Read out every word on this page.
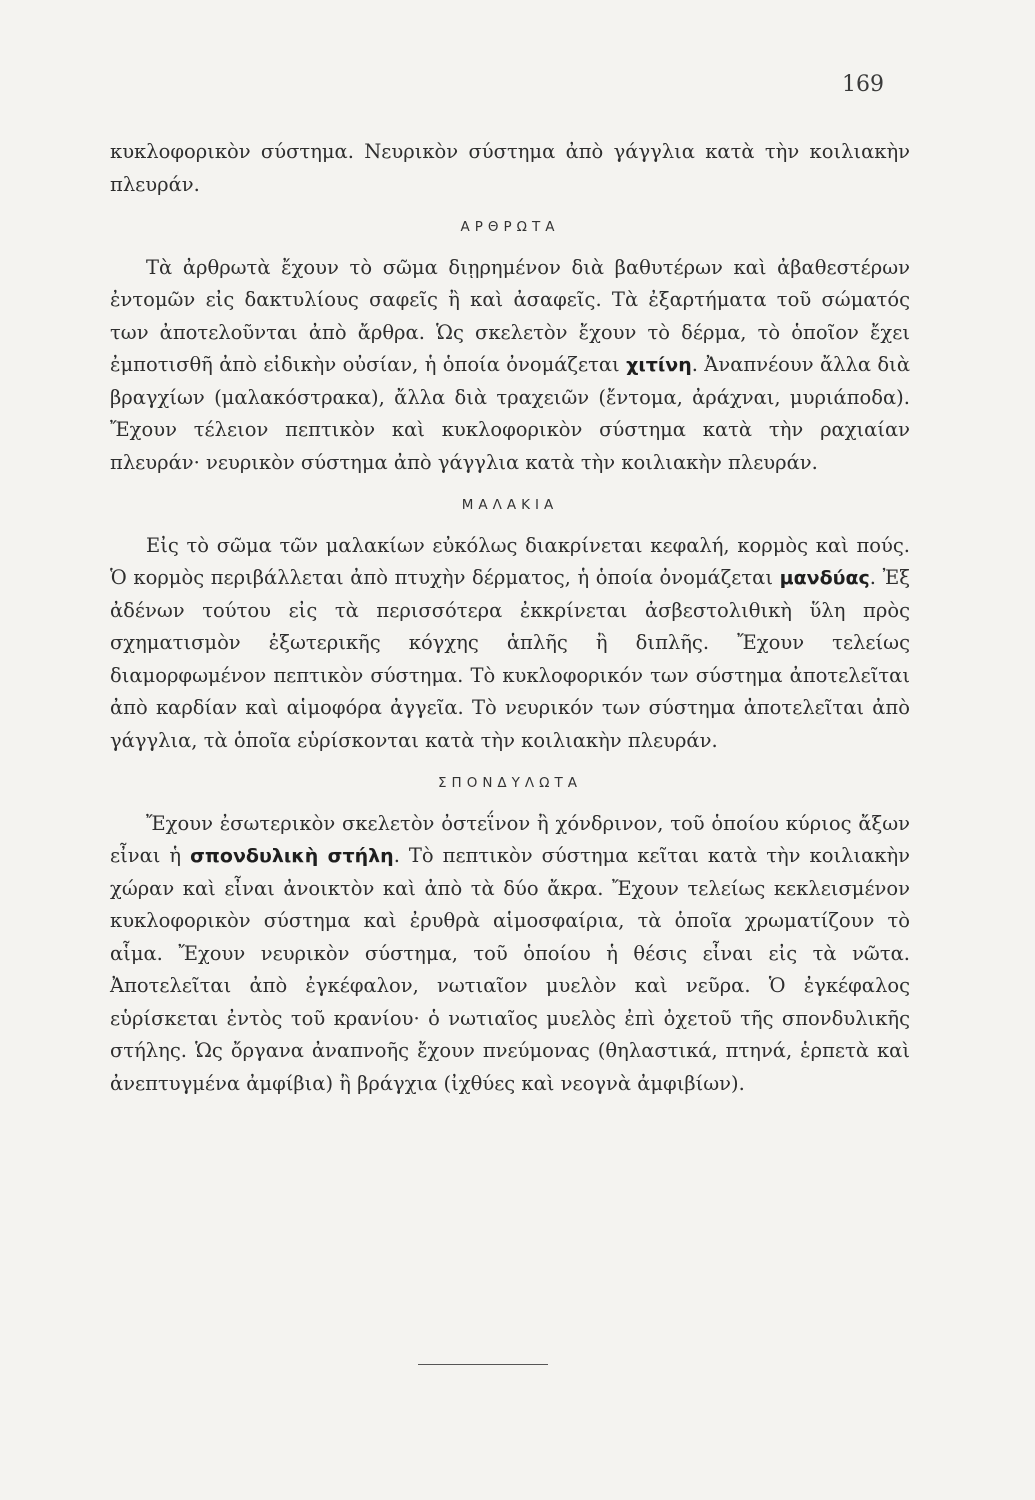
169

κυκλοφορικὸν σύστημα. Νευρικὸν σύστημα ἀπὸ γάγγλια κατὰ τὴν κοιλιακὴν πλευράν.

ΑΡΘΡΩΤΑ

Τὰ ἀρθρωτὰ ἔχουν τὸ σῶμα διῃρημένον διὰ βαθυτέρων καὶ ἀβαθεστέρων ἐντομῶν εἰς δακτυλίους σαφεῖς ἢ καὶ ἀσαφεῖς. Τὰ ἐξαρτήματα τοῦ σώματός των ἀποτελοῦνται ἀπὸ ἄρθρα. Ὡς σκελετὸν ἔχουν τὸ δέρμα, τὸ ὁποῖον ἔχει ἐμποτισθῆ ἀπὸ εἰδικὴν οὐσίαν, ἡ ὁποία ὀνομάζεται χιτίνη. Ἀναπνέουν ἄλλα διὰ βραγχίων (μαλακόστρακα), ἄλλα διὰ τραχειῶν (ἔντομα, ἀράχναι, μυριάποδα). Ἔχουν τέλειον πεπτικὸν καὶ κυκλοφορικὸν σύστημα κατὰ τὴν ραχιαίαν πλευράν· νευρικὸν σύστημα ἀπὸ γάγγλια κατὰ τὴν κοιλιακὴν πλευράν.

ΜΑΛΑΚΙΑ

Εἰς τὸ σῶμα τῶν μαλακίων εὐκόλως διακρίνεται κεφαλή, κορμὸς καὶ πούς. Ὁ κορμὸς περιβάλλεται ἀπὸ πτυχὴν δέρματος, ἡ ὁποία ὀνομάζεται μανδύας. Ἐξ ἀδένων τούτου εἰς τὰ περισσότερα ἐκκρίνεται ἀσβεστολιθικὴ ὕλη πρὸς σχηματισμὸν ἐξωτερικῆς κόγχης ἁπλῆς ἢ διπλῆς. Ἔχουν τελείως διαμορφωμένον πεπτικὸν σύστημα. Τὸ κυκλοφορικόν των σύστημα ἀποτελεῖται ἀπὸ καρδίαν καὶ αἱμοφόρα ἀγγεῖα. Τὸ νευρικόν των σύστημα ἀποτελεῖται ἀπὸ γάγγλια, τὰ ὁποῖα εὑρίσκονται κατὰ τὴν κοιλιακὴν πλευράν.

ΣΠΟΝΔΥΛΩΤΑ

Ἔχουν ἐσωτερικὸν σκελετὸν ὀστεΐνον ἢ χόνδρινον, τοῦ ὁποίου κύριος ἄξων εἶναι ἡ σπονδυλικὴ στήλη. Τὸ πεπτικὸν σύστημα κεῖται κατὰ τὴν κοιλιακὴν χώραν καὶ εἶναι ἀνοικτὸν καὶ ἀπὸ τὰ δύο ἄκρα. Ἔχουν τελείως κεκλεισμένον κυκλοφορικὸν σύστημα καὶ ἐρυθρὰ αἱμοσφαίρια, τὰ ὁποῖα χρωματίζουν τὸ αἷμα. Ἔχουν νευρικὸν σύστημα, τοῦ ὁποίου ἡ θέσις εἶναι εἰς τὰ νῶτα. Ἀποτελεῖται ἀπὸ ἐγκέφαλον, νωτιαῖον μυελὸν καὶ νεῦρα. Ὁ ἐγκέφαλος εὑρίσκεται ἐντὸς τοῦ κρανίου· ὁ νωτιαῖος μυελὸς ἐπὶ ὀχετοῦ τῆς σπονδυλικῆς στήλης. Ὡς ὄργανα ἀναπνοῆς ἔχουν πνεύμονας (θηλαστικά, πτηνά, ἑρπετὰ καὶ ἀνεπτυγμένα ἀμφίβια) ἢ βράγχια (ἰχθύες καὶ νεογνὰ ἀμφιβίων).
